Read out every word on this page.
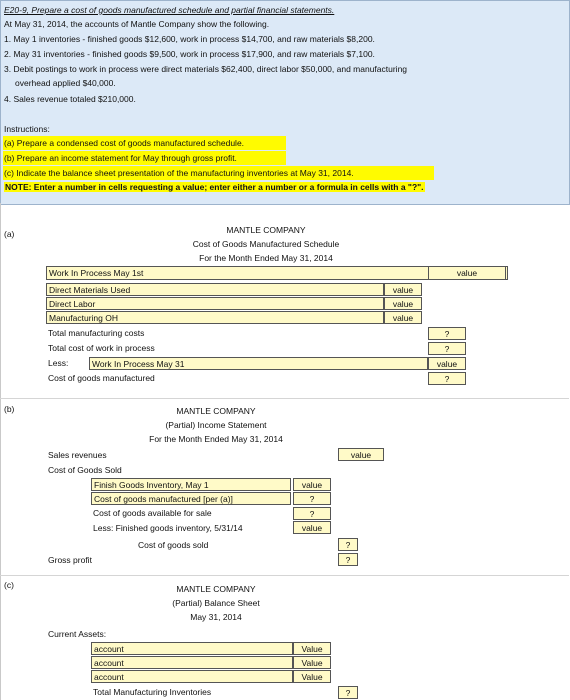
E20-9, Prepare a cost of goods manufactured schedule and partial financial statements.
At May 31, 2014, the accounts of Mantle Company show the following.
1. May 1 inventories - finished goods $12,600, work in process $14,700, and raw materials $8,200.
2. May 31 inventories - finished goods $9,500, work in process $17,900, and raw materials $7,100.
3. Debit postings to work in process were direct materials $62,400, direct labor $50,000, and manufacturing
overhead applied $40,000.
4. Sales revenue totaled $210,000.
Instructions:
(a) Prepare a condensed cost of goods manufactured schedule.
(b) Prepare an income statement for May through gross profit.
(c) Indicate the balance sheet presentation of the manufacturing inventories at May 31, 2014.
NOTE: Enter a number in cells requesting a value; enter either a number or a formula in cells with a "?".
(a)	MANTLE COMPANY
Cost of Goods Manufactured Schedule
For the Month Ended May 31, 2014
Work In Process May 1st	value
Direct Materials Used	value
Direct Labor	value
Manufacturing OH	value
Total manufacturing costs	?
Total cost of work in process	?
Less:	Work In Process May 31	value
Cost of goods manufactured	?
(b)	MANTLE COMPANY
(Partial) Income Statement
For the Month Ended May 31, 2014
Sales revenues	value
Cost of Goods Sold
Finish Goods Inventory, May 1	value
Cost of goods manufactured [per (a)]	?
Cost of goods available for sale	?
Less: Finished goods inventory, 5/31/14	value
Cost of goods sold	?
Gross profit	?
(c)	MANTLE COMPANY
(Partial) Balance Sheet
May 31, 2014
Current Assets:
account	Value
account	Value
account	Value
Total Manufacturing Inventories	?
